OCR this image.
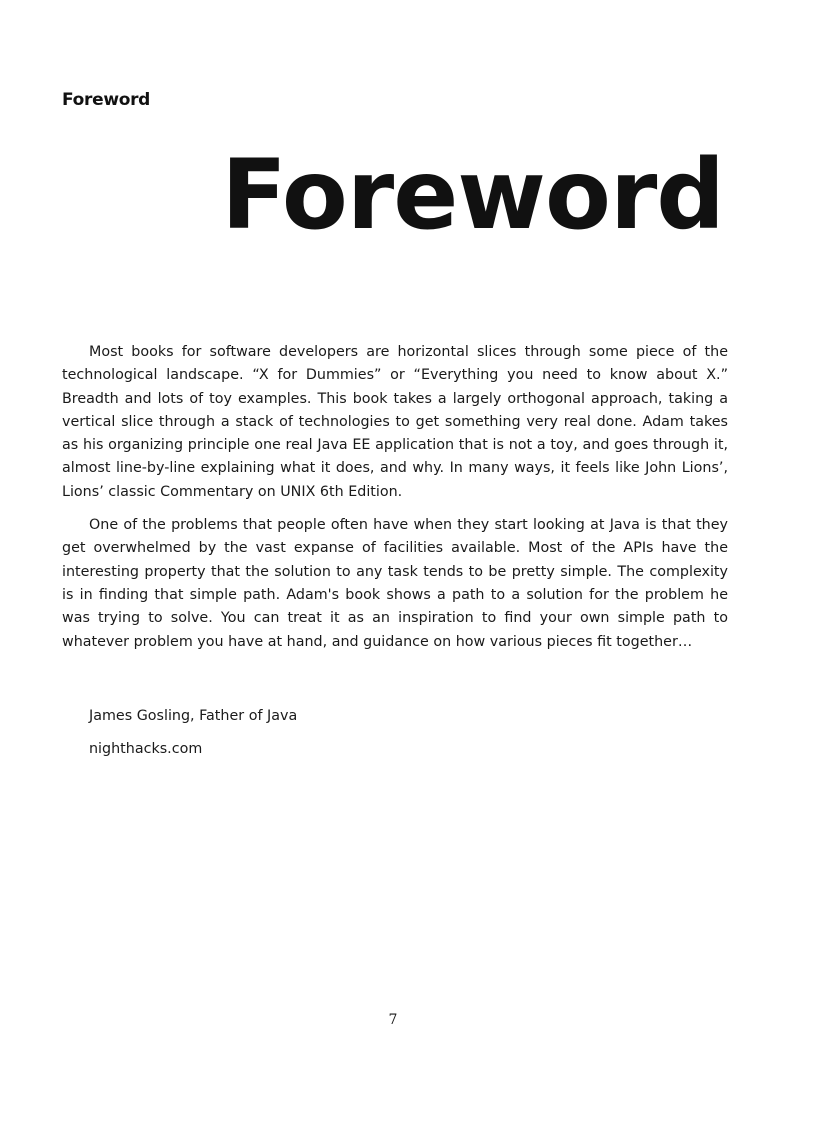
Foreword
Foreword

Most books for software developers are horizontal slices through some piece of the technological landscape. “X for Dummies” or “Everything you need to know about X.” Breadth and lots of toy examples. This book takes a largely orthogonal approach, taking a vertical slice through a stack of technologies to get something very real done. Adam takes as his organizing principle one real Java EE application that is not a toy, and goes through it, almost line-by-line explaining what it does, and why. In many ways, it feels like John Lions’, Lions’ classic Commentary on UNIX 6th Edition.

One of the problems that people often have when they start looking at Java is that they get overwhelmed by the vast expanse of facilities available. Most of the APIs have the interesting property that the solution to any task tends to be pretty simple. The complexity is in finding that simple path. Adam's book shows a path to a solution for the problem he was trying to solve. You can treat it as an inspiration to find your own simple path to whatever problem you have at hand, and guidance on how various pieces fit together…

James Gosling, Father of Java
nighthacks.com
7
